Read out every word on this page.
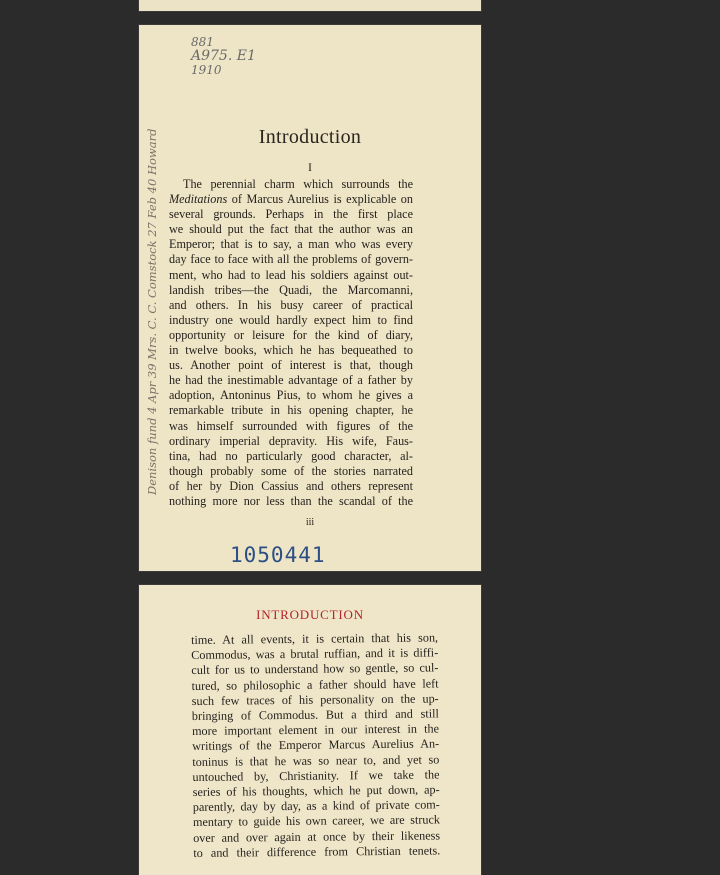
881
A975. E1
1910
Denison fund 4 Apr 39 Mrs. C. C. Comstock 27 Feb 40 Howard	Introduction
I
The perennial charm which surrounds the
Meditations of Marcus Aurelius is explicable on
several grounds. Perhaps in the first place
we should put the fact that the author was an
Emperor; that is to say, a man who was every
day face to face with all the problems of govern-
ment, who had to lead his soldiers against out-
landish tribes—the Quadi, the Marcomanni,
and others. In his busy career of practical
industry one would hardly expect him to find
opportunity or leisure for the kind of diary,
in twelve books, which he has bequeathed to
us. Another point of interest is that, though
he had the inestimable advantage of a father by
adoption, Antoninus Pius, to whom he gives a
remarkable tribute in his opening chapter, he
was himself surrounded with figures of the
ordinary imperial depravity. His wife, Faus-
tina, had no particularly good character, al-
though probably some of the stories narrated
of her by Dion Cassius and others represent
nothing more nor less than the scandal of the
iii
1050441
INTRODUCTION
time. At all events, it is certain that his son,
Commodus, was a brutal ruffian, and it is diffi-
cult for us to understand how so gentle, so cul-
tured, so philosophic a father should have left
such few traces of his personality on the up-
bringing of Commodus. But a third and still
more important element in our interest in the
writings of the Emperor Marcus Aurelius An-
toninus is that he was so near to, and yet so
untouched by, Christianity. If we take the
series of his thoughts, which he put down, ap-
parently, day by day, as a kind of private com-
mentary to guide his own career, we are struck
over and over again at once by their likeness
to and their difference from Christian tenets.
